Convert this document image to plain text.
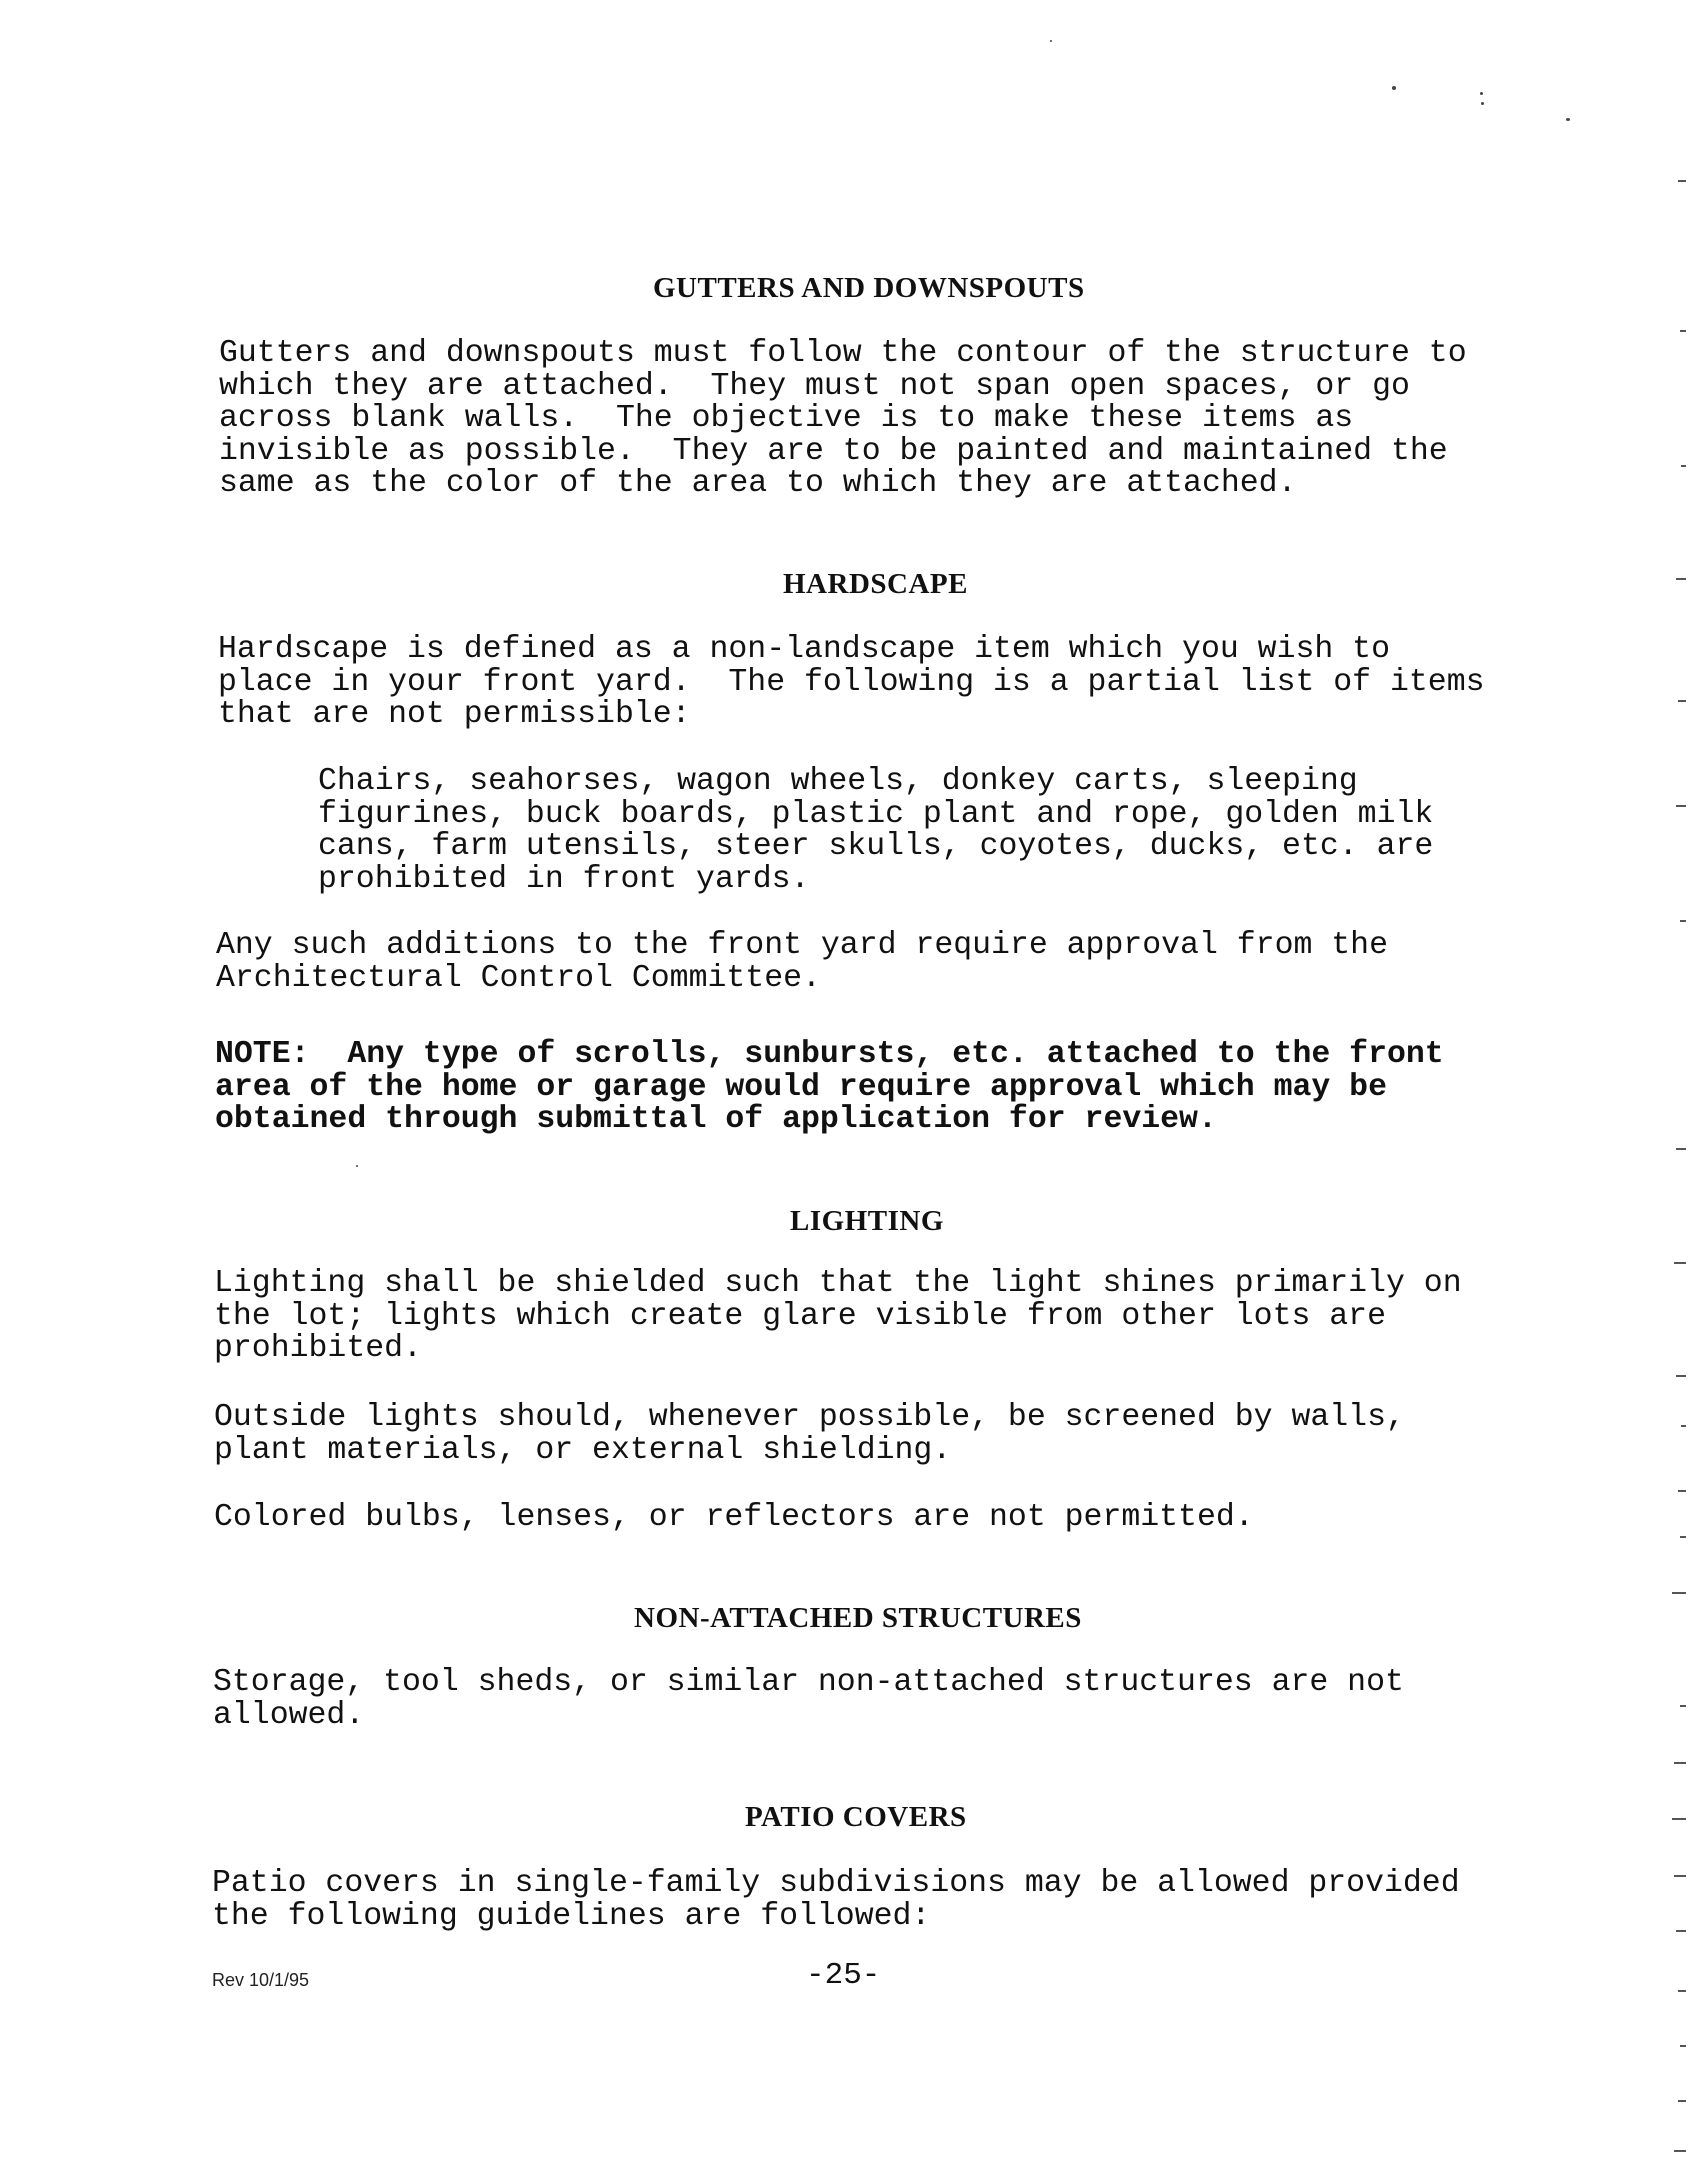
GUTTERS AND DOWNSPOUTS

Gutters and downspouts must follow the contour of the structure to
which they are attached.  They must not span open spaces, or go
across blank walls.  The objective is to make these items as
invisible as possible.  They are to be painted and maintained the
same as the color of the area to which they are attached.

HARDSCAPE

Hardscape is defined as a non-landscape item which you wish to
place in your front yard.  The following is a partial list of items
that are not permissible:

Chairs, seahorses, wagon wheels, donkey carts, sleeping
figurines, buck boards, plastic plant and rope, golden milk
cans, farm utensils, steer skulls, coyotes, ducks, etc. are
prohibited in front yards.

Any such additions to the front yard require approval from the
Architectural Control Committee.

NOTE:  Any type of scrolls, sunbursts, etc. attached to the front
area of the home or garage would require approval which may be
obtained through submittal of application for review.

LIGHTING

Lighting shall be shielded such that the light shines primarily on
the lot; lights which create glare visible from other lots are
prohibited.

Outside lights should, whenever possible, be screened by walls,
plant materials, or external shielding.

Colored bulbs, lenses, or reflectors are not permitted.

NON-ATTACHED STRUCTURES

Storage, tool sheds, or similar non-attached structures are not
allowed.

PATIO COVERS

Patio covers in single-family subdivisions may be allowed provided
the following guidelines are followed:

Rev 10/1/95	-25-
